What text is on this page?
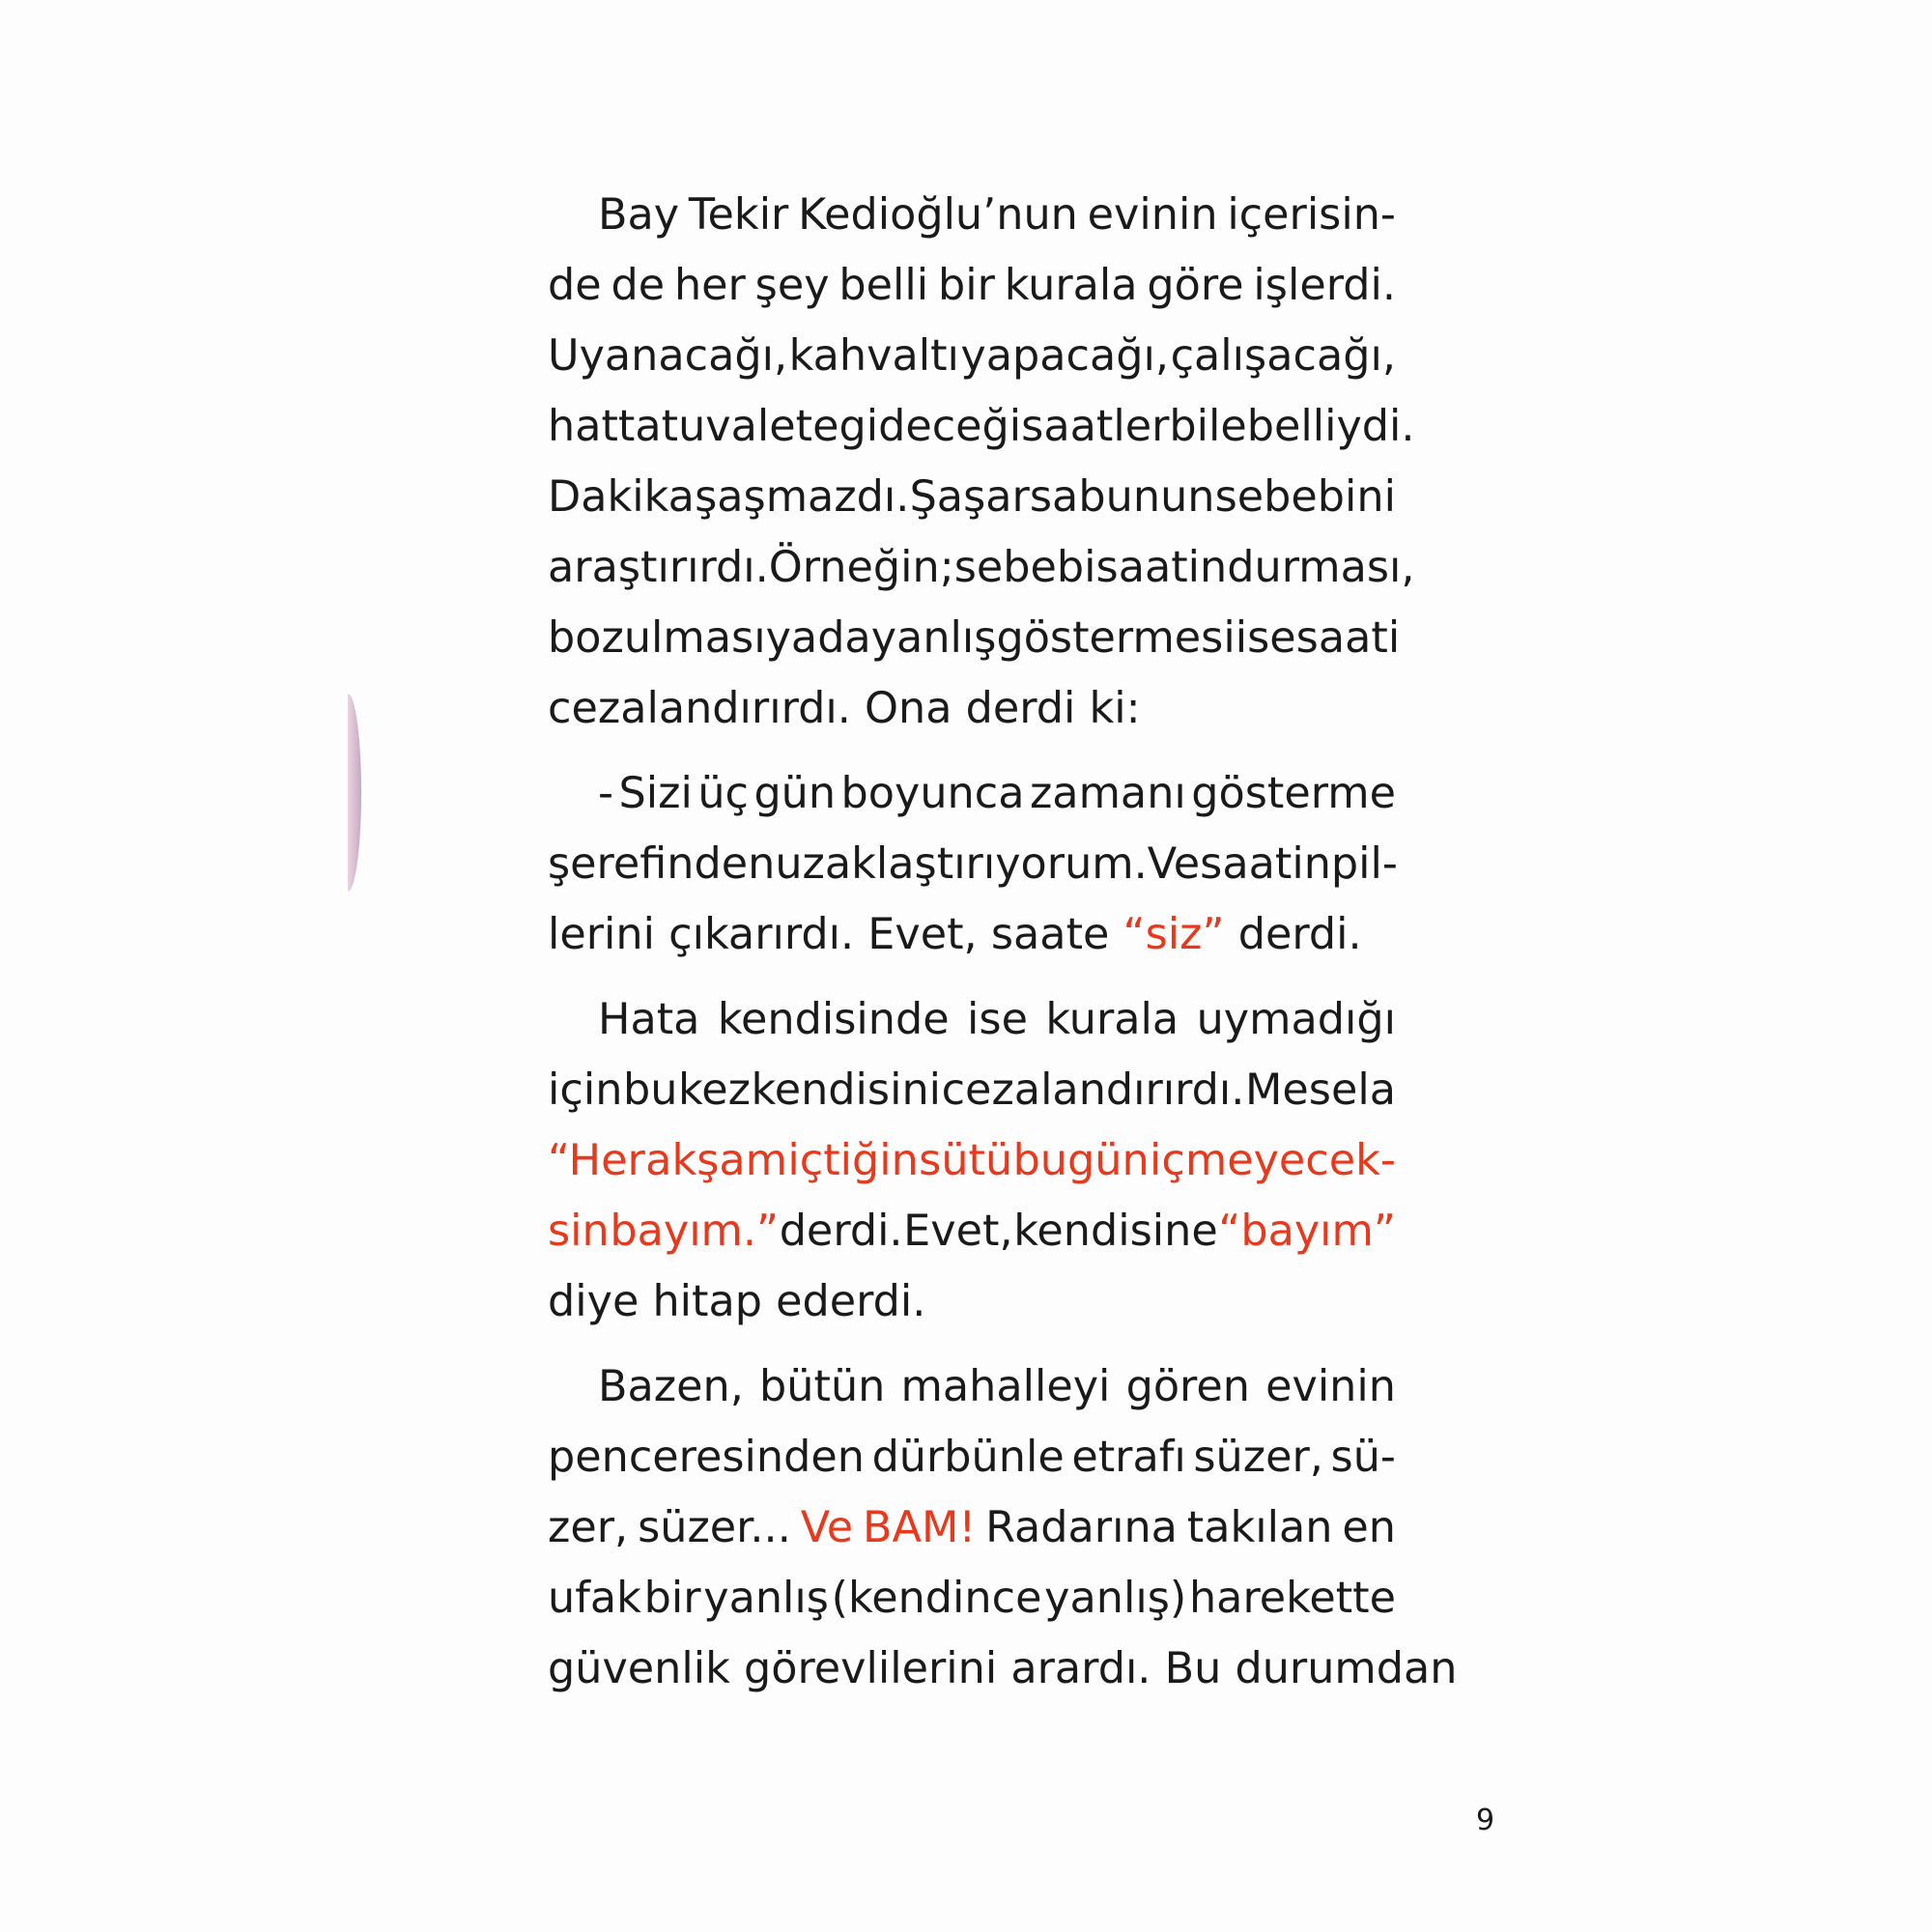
Bay Tekir Kedioğlu’nun evinin içerisin-
de de her şey belli bir kurala göre işlerdi.
Uyanacağı, kahvaltı yapacağı, çalışacağı,
hatta tuvalete gideceği saatler bile belliydi.
Dakika şaşmazdı. Şaşarsa bunun sebebini
araştırırdı. Örneğin; sebebi saatin durması,
bozulması ya da yanlış göstermesi ise saati
cezalandırırdı. Ona derdi ki:
- Sizi üç gün boyunca zamanı gösterme
şerefinden uzaklaştırıyorum. Ve saatin pil-
lerini çıkarırdı. Evet, saate “siz” derdi.
Hata kendisinde ise kurala uymadığı
için bu kez kendisini cezalandırırdı. Mesela
“Her akşam içtiğin sütü bugün içmeyecek-
sin bayım.” derdi. Evet, kendisine “bayım”
diye hitap ederdi.
Bazen, bütün mahalleyi gören evinin
penceresinden dürbünle etrafı süzer, sü-
zer, süzer... Ve BAM! Radarına takılan en
ufak bir yanlış (kendince yanlış) harekette
güvenlik görevlilerini arardı. Bu durumdan
9
